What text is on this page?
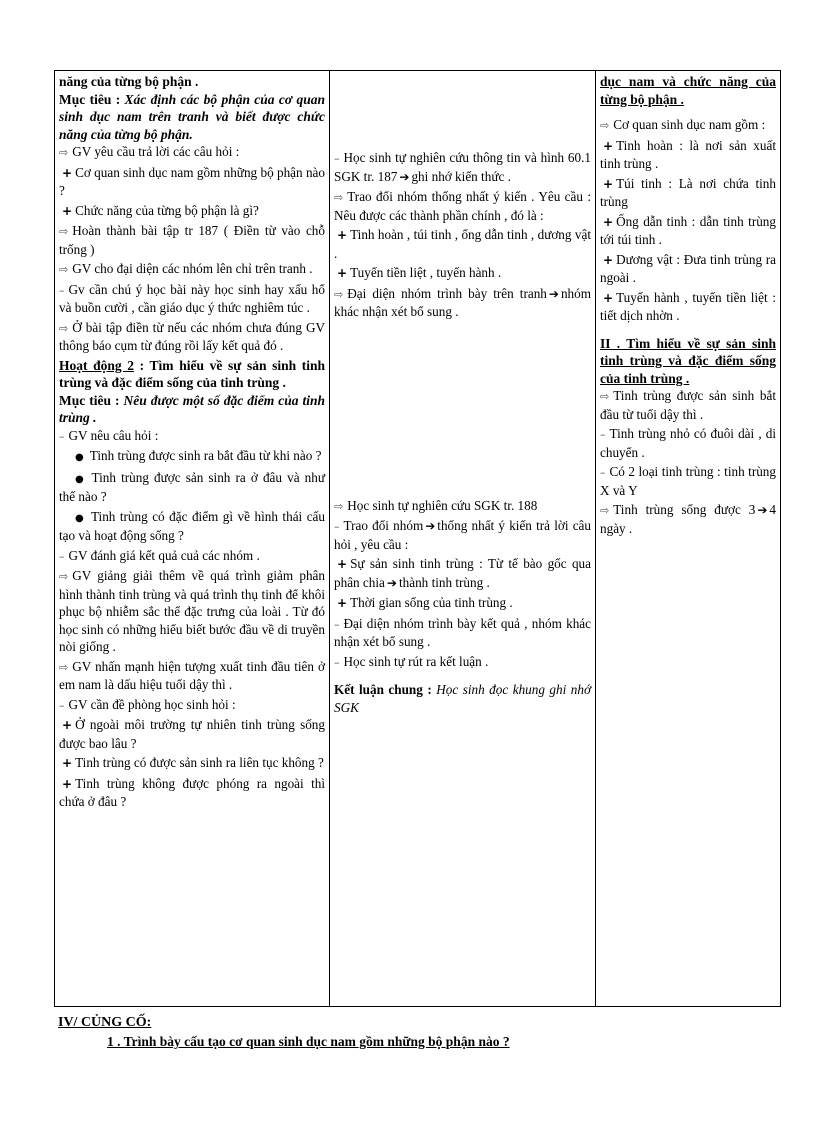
năng của từng bộ phận .
Mục tiêu : Xác định các bộ phận của cơ quan sinh dục nam trên tranh và biết được chức năng của từng bộ phận.
⇨ GV yêu cầu trả lời các câu hỏi :
+ Cơ quan sinh dục nam gồm những bộ phận nào ?
+ Chức năng của từng bộ phận là gì?
⇨ Hoàn thành bài tập tr 187 ( Điền từ vào chỗ trống )
⇨ GV cho đại diện các nhóm lên chỉ trên tranh .
– Gv cần chú ý học bài này học sinh hay xấu hổ và buồn cười , cần giáo dục ý thức nghiêm túc .
⇨ Ở bài tập điền từ nếu các nhóm chưa đúng GV thông báo cụm từ đúng rồi lấy kết quả đó .
Hoạt động 2 : Tìm hiểu về sự sản sinh tinh trùng và đặc điểm sống của tinh trùng .
Mục tiêu : Nêu được một số đặc điểm của tinh trùng .
– GV nêu câu hỏi :
● Tinh trùng được sinh ra bắt đầu từ khi nào ?
● Tinh trùng được sản sinh ra ở đâu và như thế nào ?
● Tinh trùng có đặc điểm gì về hình thái cấu tạo và hoạt động sống ?
– GV đánh giá kết quả cuả các nhóm .
⇨ GV giảng giải thêm về quá trình giảm phân hình thành tinh trùng và quá trình thụ tinh để khôi phục bộ nhiễm sắc thể đặc trưng của loài . Từ đó học sinh có những hiểu biết bước đầu về di truyền nòi giống .
⇨ GV nhấn mạnh hiện tượng xuất tinh đầu tiên ở em nam là dấu hiệu tuổi dậy thì .
– GV cần đề phòng học sinh hỏi :
+ Ở ngoài môi trường tự nhiên tinh trùng sống được bao lâu ?
+ Tinh trùng có được sản sinh ra liên tục không ?
+ Tinh trùng không được phóng ra ngoài thì chứa ở đâu ?

– Học sinh tự nghiên cứu thông tin và hình 60.1 SGK tr. 187 ➔ ghi nhớ kiến thức .
⇨ Trao đổi nhóm thống nhất ý kiến . Yêu cầu : Nêu được các thành phần chính , đó là :
+ Tinh hoàn , túi tinh , ống dẫn tinh , dương vật .
+ Tuyến tiền liệt , tuyến hành .
⇨ Đại diện nhóm trình bày trên tranh ➔ nhóm khác nhận xét bổ sung .
⇨ Học sinh tự nghiên cứu SGK tr. 188
– Trao đổi nhóm ➔ thống nhất ý kiến trả lời câu hỏi , yêu cầu :
+ Sự sản sinh tinh trùng : Từ tế bào gốc qua phân chia ➔ thành tinh trùng .
+ Thời gian sống của tinh trùng .
– Đại diện nhóm trình bày kết quả , nhóm khác nhận xét bổ sung .
– Học sinh tự rút ra kết luận .
Kết luận chung : Học sinh đọc khung ghi nhớ SGK

dục nam và chức năng của từng bộ phận .
⇨ Cơ quan sinh dục nam gồm :
+ Tinh hoàn : là nơi sản xuất tinh trùng .
+ Túi tinh : Là nơi chứa tinh trùng
+ Ống dẫn tinh : dẫn tinh trùng tới túi tinh .
+ Dương vật : Đưa tinh trùng ra ngoài .
+ Tuyến hành , tuyến tiền liệt : tiết dịch nhờn .
II . Tìm hiểu về sự sản sinh tinh trùng và đặc điểm sống của tinh trùng .
⇨ Tinh trùng được sản sinh bắt đầu từ tuổi dậy thì .
– Tinh trùng nhỏ có đuôi dài , di chuyển .
– Có 2 loại tinh trùng : tinh trùng X và Y
⇨ Tinh trùng sống được 3 ➔ 4 ngày .
IV/ CỦNG CỐ:
1 . Trình bày cấu tạo cơ quan sinh dục nam gồm những bộ phận nào ?
